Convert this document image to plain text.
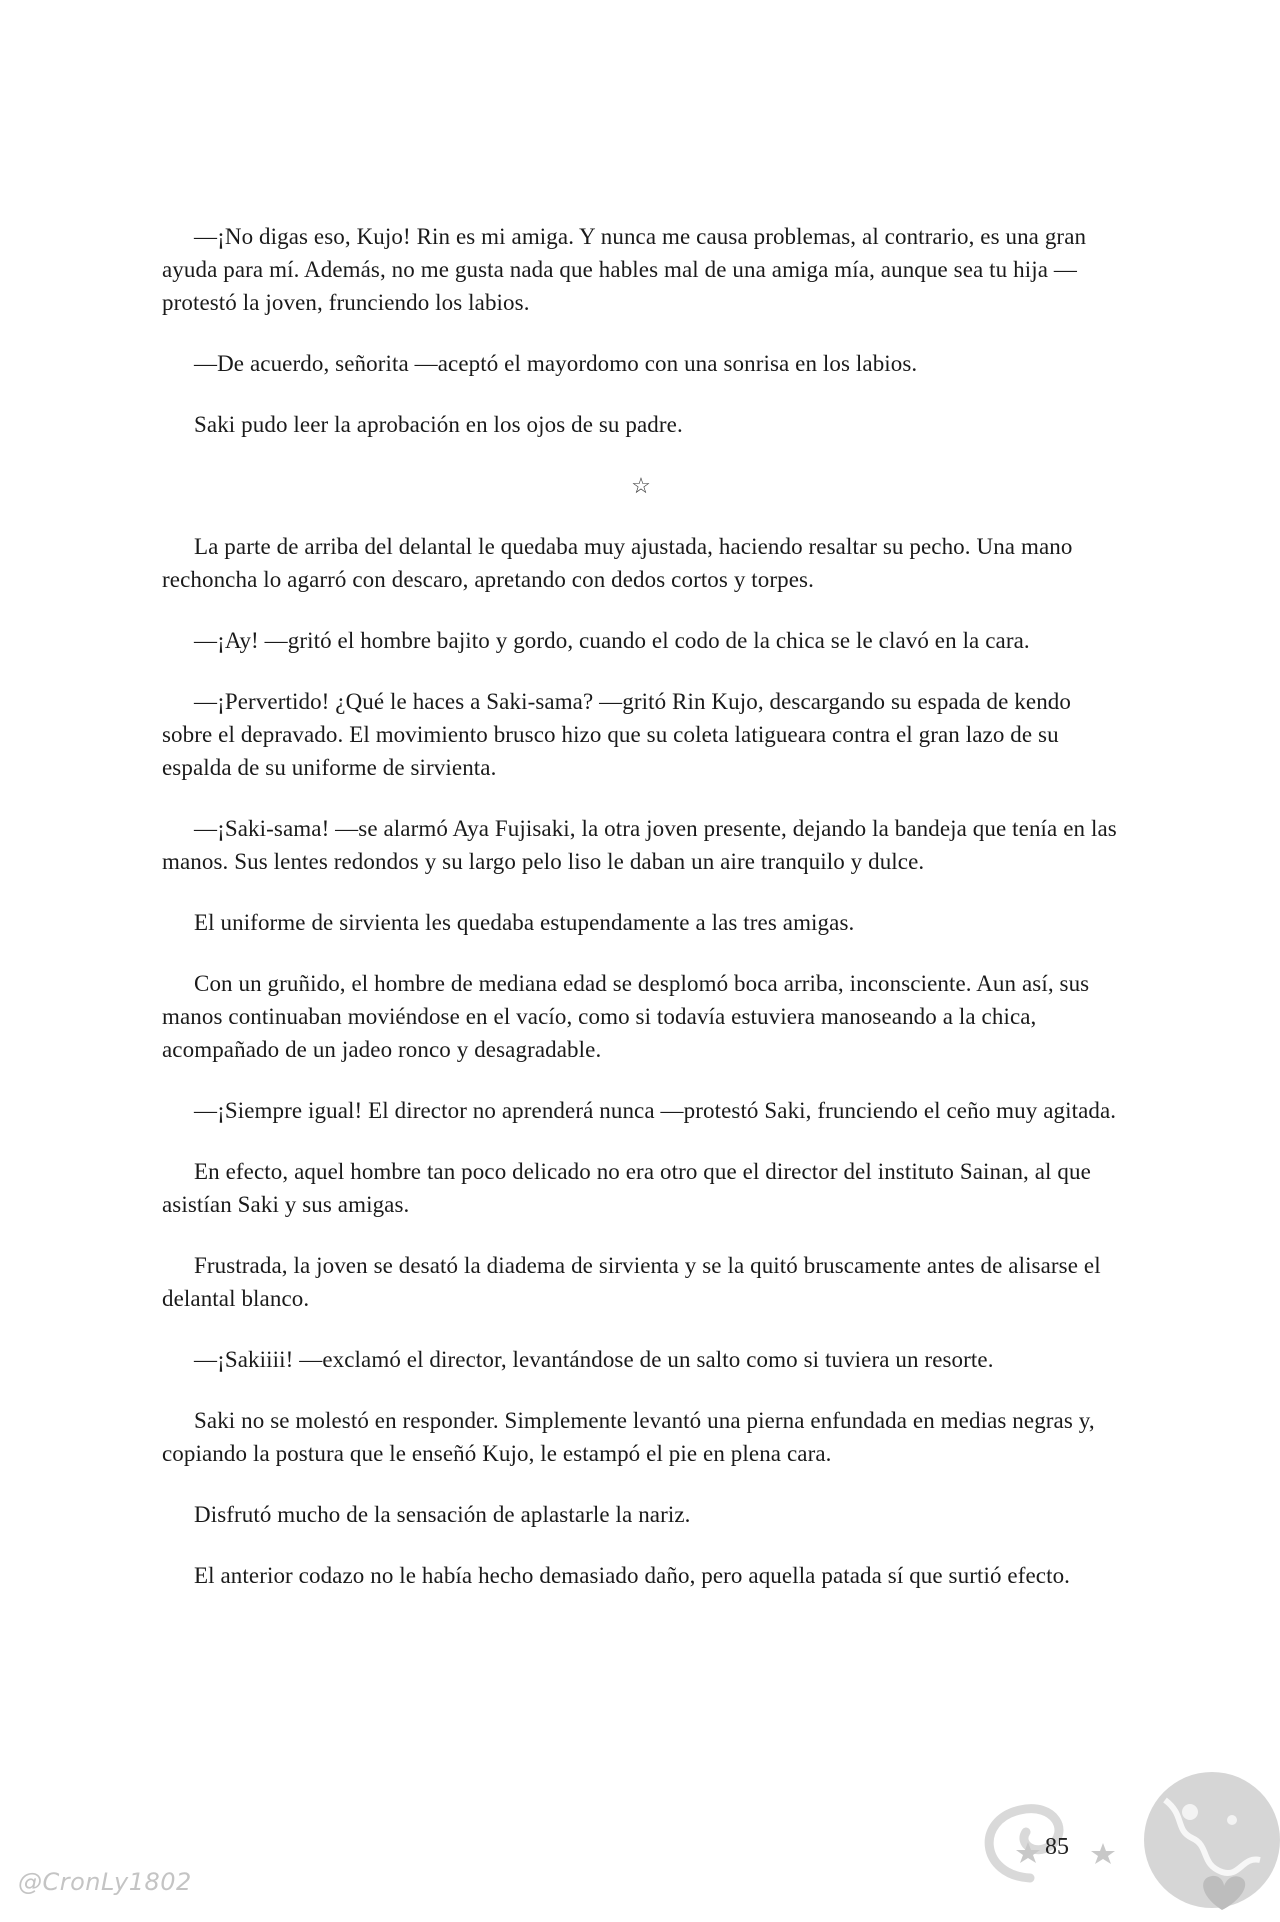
—¡No digas eso, Kujo! Rin es mi amiga. Y nunca me causa problemas, al contrario, es una gran ayuda para mí. Además, no me gusta nada que hables mal de una amiga mía, aunque sea tu hija —protestó la joven, frunciendo los labios.

—De acuerdo, señorita —aceptó el mayordomo con una sonrisa en los labios.

Saki pudo leer la aprobación en los ojos de su padre.

☆

La parte de arriba del delantal le quedaba muy ajustada, haciendo resaltar su pecho. Una mano rechoncha lo agarró con descaro, apretando con dedos cortos y torpes.

—¡Ay! —gritó el hombre bajito y gordo, cuando el codo de la chica se le clavó en la cara.

—¡Pervertido! ¿Qué le haces a Saki-sama? —gritó Rin Kujo, descargando su espada de kendo sobre el depravado. El movimiento brusco hizo que su coleta latigueara contra el gran lazo de su espalda de su uniforme de sirvienta.

—¡Saki-sama! —se alarmó Aya Fujisaki, la otra joven presente, dejando la bandeja que tenía en las manos. Sus lentes redondos y su largo pelo liso le daban un aire tranquilo y dulce.

El uniforme de sirvienta les quedaba estupendamente a las tres amigas.

Con un gruñido, el hombre de mediana edad se desplomó boca arriba, inconsciente. Aun así, sus manos continuaban moviéndose en el vacío, como si todavía estuviera manoseando a la chica, acompañado de un jadeo ronco y desagradable.

—¡Siempre igual! El director no aprenderá nunca —protestó Saki, frunciendo el ceño muy agitada.

En efecto, aquel hombre tan poco delicado no era otro que el director del instituto Sainan, al que asistían Saki y sus amigas.

Frustrada, la joven se desató la diadema de sirvienta y se la quitó bruscamente antes de alisarse el delantal blanco.

—¡Sakiiii! —exclamó el director, levantándose de un salto como si tuviera un resorte.

Saki no se molestó en responder. Simplemente levantó una pierna enfundada en medias negras y, copiando la postura que le enseñó Kujo, le estampó el pie en plena cara.

Disfrutó mucho de la sensación de aplastarle la nariz.

El anterior codazo no le había hecho demasiado daño, pero aquella patada sí que surtió efecto.

85
@CronLy1802
